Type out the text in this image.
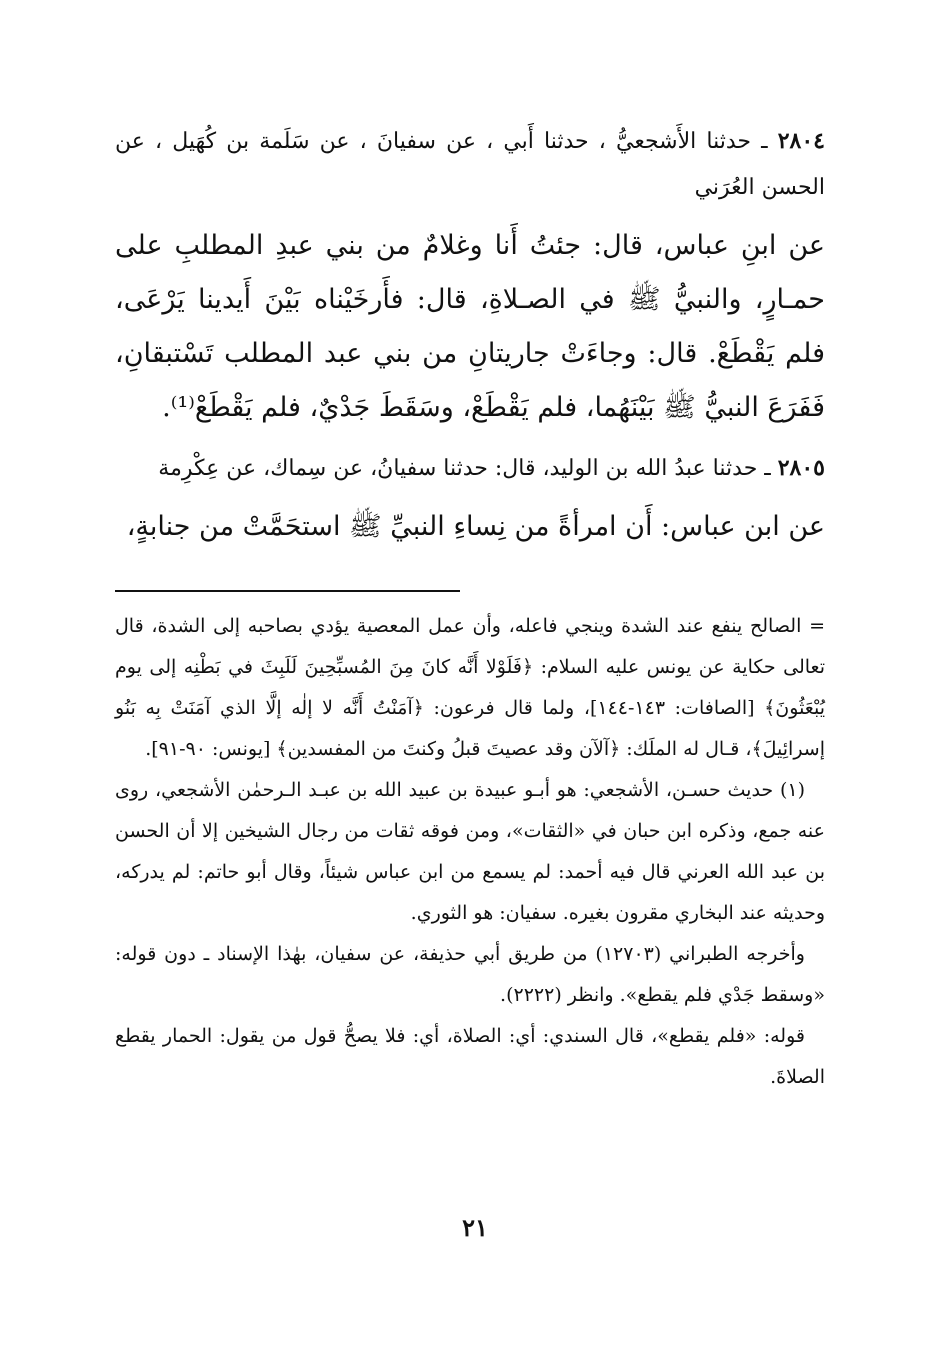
٢٨٠٤ ـ حدثنا الأَشجعيُّ ، حدثنا أَبي ، عن سفيانَ ، عن سَلَمة بن كُهَيل ، عن الحسن العُرَني

عن ابنِ عباس، قال: جئتُ أَنا وغلامٌ من بني عبدِ المطلبِ على حمـارٍ، والنبيُّ ﷺ في الصـلاةِ، قال: فأَرخَيْناه بَيْنَ أَيدينا يَرْعَى، فلم يَقْطَعْ. قال: وجاءَتْ جاريتانِ من بني عبد المطلب تَسْتبقانِ، فَفَرَعَ النبيُّ ﷺ بَيْنَهُما، فلم يَقْطَعْ، وسَقَطَ جَدْيٌ، فلم يَقْطَعْ⁽¹⁾.

٢٨٠٥ ـ حدثنا عبدُ الله بن الوليد، قال: حدثنا سفيانُ، عن سِماك، عن عِكْرِمة

عن ابن عباس: أَن امرأةً من نِساءِ النبيِّ ﷺ استحَمَّتْ من جنابةٍ،

= الصالح ينفع عند الشدة وينجي فاعله، وأن عمل المعصية يؤدي بصاحبه إلى الشدة، قال تعالى حكاية عن يونس عليه السلام: ﴿فَلَوْلا أَنَّه كانَ مِنَ المُسبِّحِينَ لَلَبِثَ في بَطْنِه إلى يوم يُبْعَثُونَ﴾ [الصافات: ١٤٣-١٤٤]، ولما قال فرعون: ﴿آمَنْتُ أَنَّه لا إلٰه إلَّا الذي آمَنَتْ بِه بَنُو إسرائِيلَ﴾، قـال له الملَك: ﴿آلآن وقد عصيتَ قبلُ وكنتَ من المفسدين﴾ [يونس: ٩٠-٩١].

(١) حديث حسـن، الأشجعي: هو أبـو عبيدة بن عبيد الله بن عبـد الـرحمٰن الأشجعي، روى عنه جمع، وذكره ابن حبان في «الثقات»، ومن فوقه ثقات من رجال الشيخين إلا أن الحسن بن عبد الله العرني قال فيه أحمد: لم يسمع من ابن عباس شيئاً، وقال أبو حاتم: لم يدركه، وحديثه عند البخاري مقرون بغيره. سفيان: هو الثوري.

وأخرجه الطبراني (١٢٧٠٣) من طريق أبي حذيفة، عن سفيان، بهٰذا الإسناد ـ دون قوله: «وسقط جَدْي فلم يقطع». وانظر (٢٢٢٢).

قوله: «فلم يقطع»، قال السندي: أي: الصلاة، أي: فلا يصحُّ قول من يقول: الحمار يقطع الصلاةَ.

٢١
